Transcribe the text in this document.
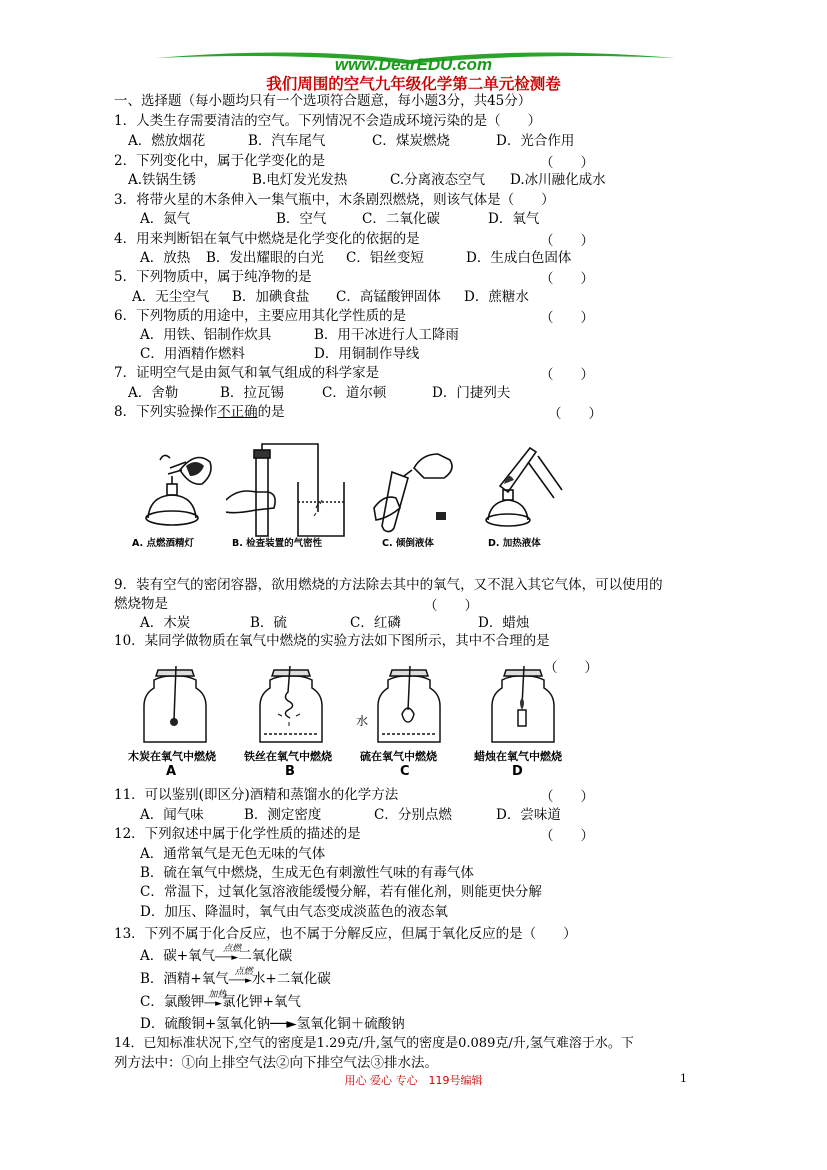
www.DearEDU.com
我们周围的空气九年级化学第二单元检测卷
一、选择题（每小题均只有一个选项符合题意，每小题3分，共45分）
1．人类生存需要清洁的空气。下列情况不会造成环境污染的是（　　）
A．燃放烟花	B．汽车尾气	C．煤炭燃烧	D．光合作用
2．下列变化中，属于化学变化的是	（　　）
A.铁锅生锈	B.电灯发光发热	C.分离液态空气 D.冰川融化成水
3．将带火星的木条伸入一集气瓶中，木条剧烈燃烧，则该气体是（　　）
A．氮气	B．空气	C．二氧化碳	D．氧气
4．用来判断铝在氧气中燃烧是化学变化的依据的是	（　　）
A．放热 B．发出耀眼的白光 C．铝丝变短	D．生成白色固体
5．下列物质中，属于纯净物的是	（　　）
A．无尘空气 B．加碘食盐 C．高锰酸钾固体 D．蔗糖水
6．下列物质的用途中，主要应用其化学性质的是	（　　）
A．用铁、铝制作炊具	B．用干冰进行人工降雨
C．用酒精作燃料	D．用铜制作导线
7．证明空气是由氮气和氧气组成的科学家是	（　　）
A．舍勒	B．拉瓦锡	C．道尔顿	D．门捷列夫
8．下列实验操作不正确的是	（　　）
A. 点燃酒精灯	B. 检查装置的气密性	C. 倾倒液体	D. 加热液体
9．装有空气的密闭容器，欲用燃烧的方法除去其中的氧气，又不混入其它气体，可以使用的
燃烧物是	（　　）
A．木炭	B．硫	C．红磷	D．蜡烛
10．某同学做物质在氧气中燃烧的实验方法如下图所示，其中不合理的是
（　　）
水
木炭在氧气中燃烧	铁丝在氧气中燃烧	硫在氧气中燃烧	蜡烛在氧气中燃烧
A	B	C	D
11．可以鉴别(即区分)酒精和蒸馏水的化学方法	（　　）
A．闻气味	B．测定密度	C．分别点燃	D．尝味道
12．下列叙述中属于化学性质的描述的是	（　　）
A．通常氧气是无色无味的气体
B．硫在氧气中燃烧，生成无色有刺激性气味的有毒气体
C．常温下，过氧化氢溶液能缓慢分解，若有催化剂，则能更快分解
D．加压、降温时，氧气由气态变成淡蓝色的液态氧
13．下列不属于化合反应，也不属于分解反应，但属于氧化反应的是（　　）
A．碳+氧气 点燃
───►二氧化碳
B．酒精+氧气 点燃
───►水+二氧化碳
C．氯酸钾 加热
──►氯化钾+氧气
D．硫酸铜+氢氧化钠──►氢氧化铜＋硫酸钠
14．已知标准状况下,空气的密度是1.29克/升,氢气的密度是0.089克/升,氢气难溶于水。下
列方法中：①向上排空气法②向下排空气法③排水法。
用心 爱心 专心　119号编辑	1
